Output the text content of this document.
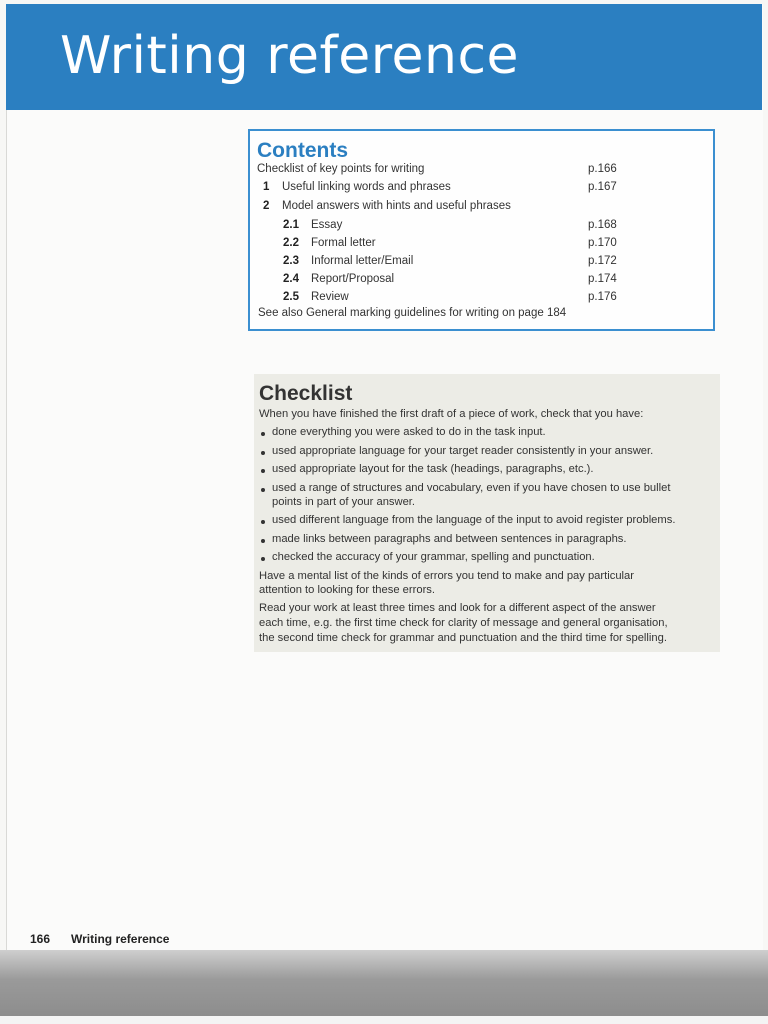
Writing reference
Contents
Checklist of key points for writing	p.166
1 Useful linking words and phrases	p.167
2 Model answers with hints and useful phrases
2.1 Essay	p.168
2.2 Formal letter	p.170
2.3 Informal letter/Email	p.172
2.4 Report/Proposal	p.174
2.5 Review	p.176
See also General marking guidelines for writing on page 184
Checklist
When you have finished the first draft of a piece of work, check that you have:
done everything you were asked to do in the task input.
used appropriate language for your target reader consistently in your answer.
used appropriate layout for the task (headings, paragraphs, etc.).
used a range of structures and vocabulary, even if you have chosen to use bullet
points in part of your answer.
used different language from the language of the input to avoid register problems.
made links between paragraphs and between sentences in paragraphs.
checked the accuracy of your grammar, spelling and punctuation.
Have a mental list of the kinds of errors you tend to make and pay particular
attention to looking for these errors.
Read your work at least three times and look for a different aspect of the answer
each time, e.g. the first time check for clarity of message and general organisation,
the second time check for grammar and punctuation and the third time for spelling.
166 Writing reference
